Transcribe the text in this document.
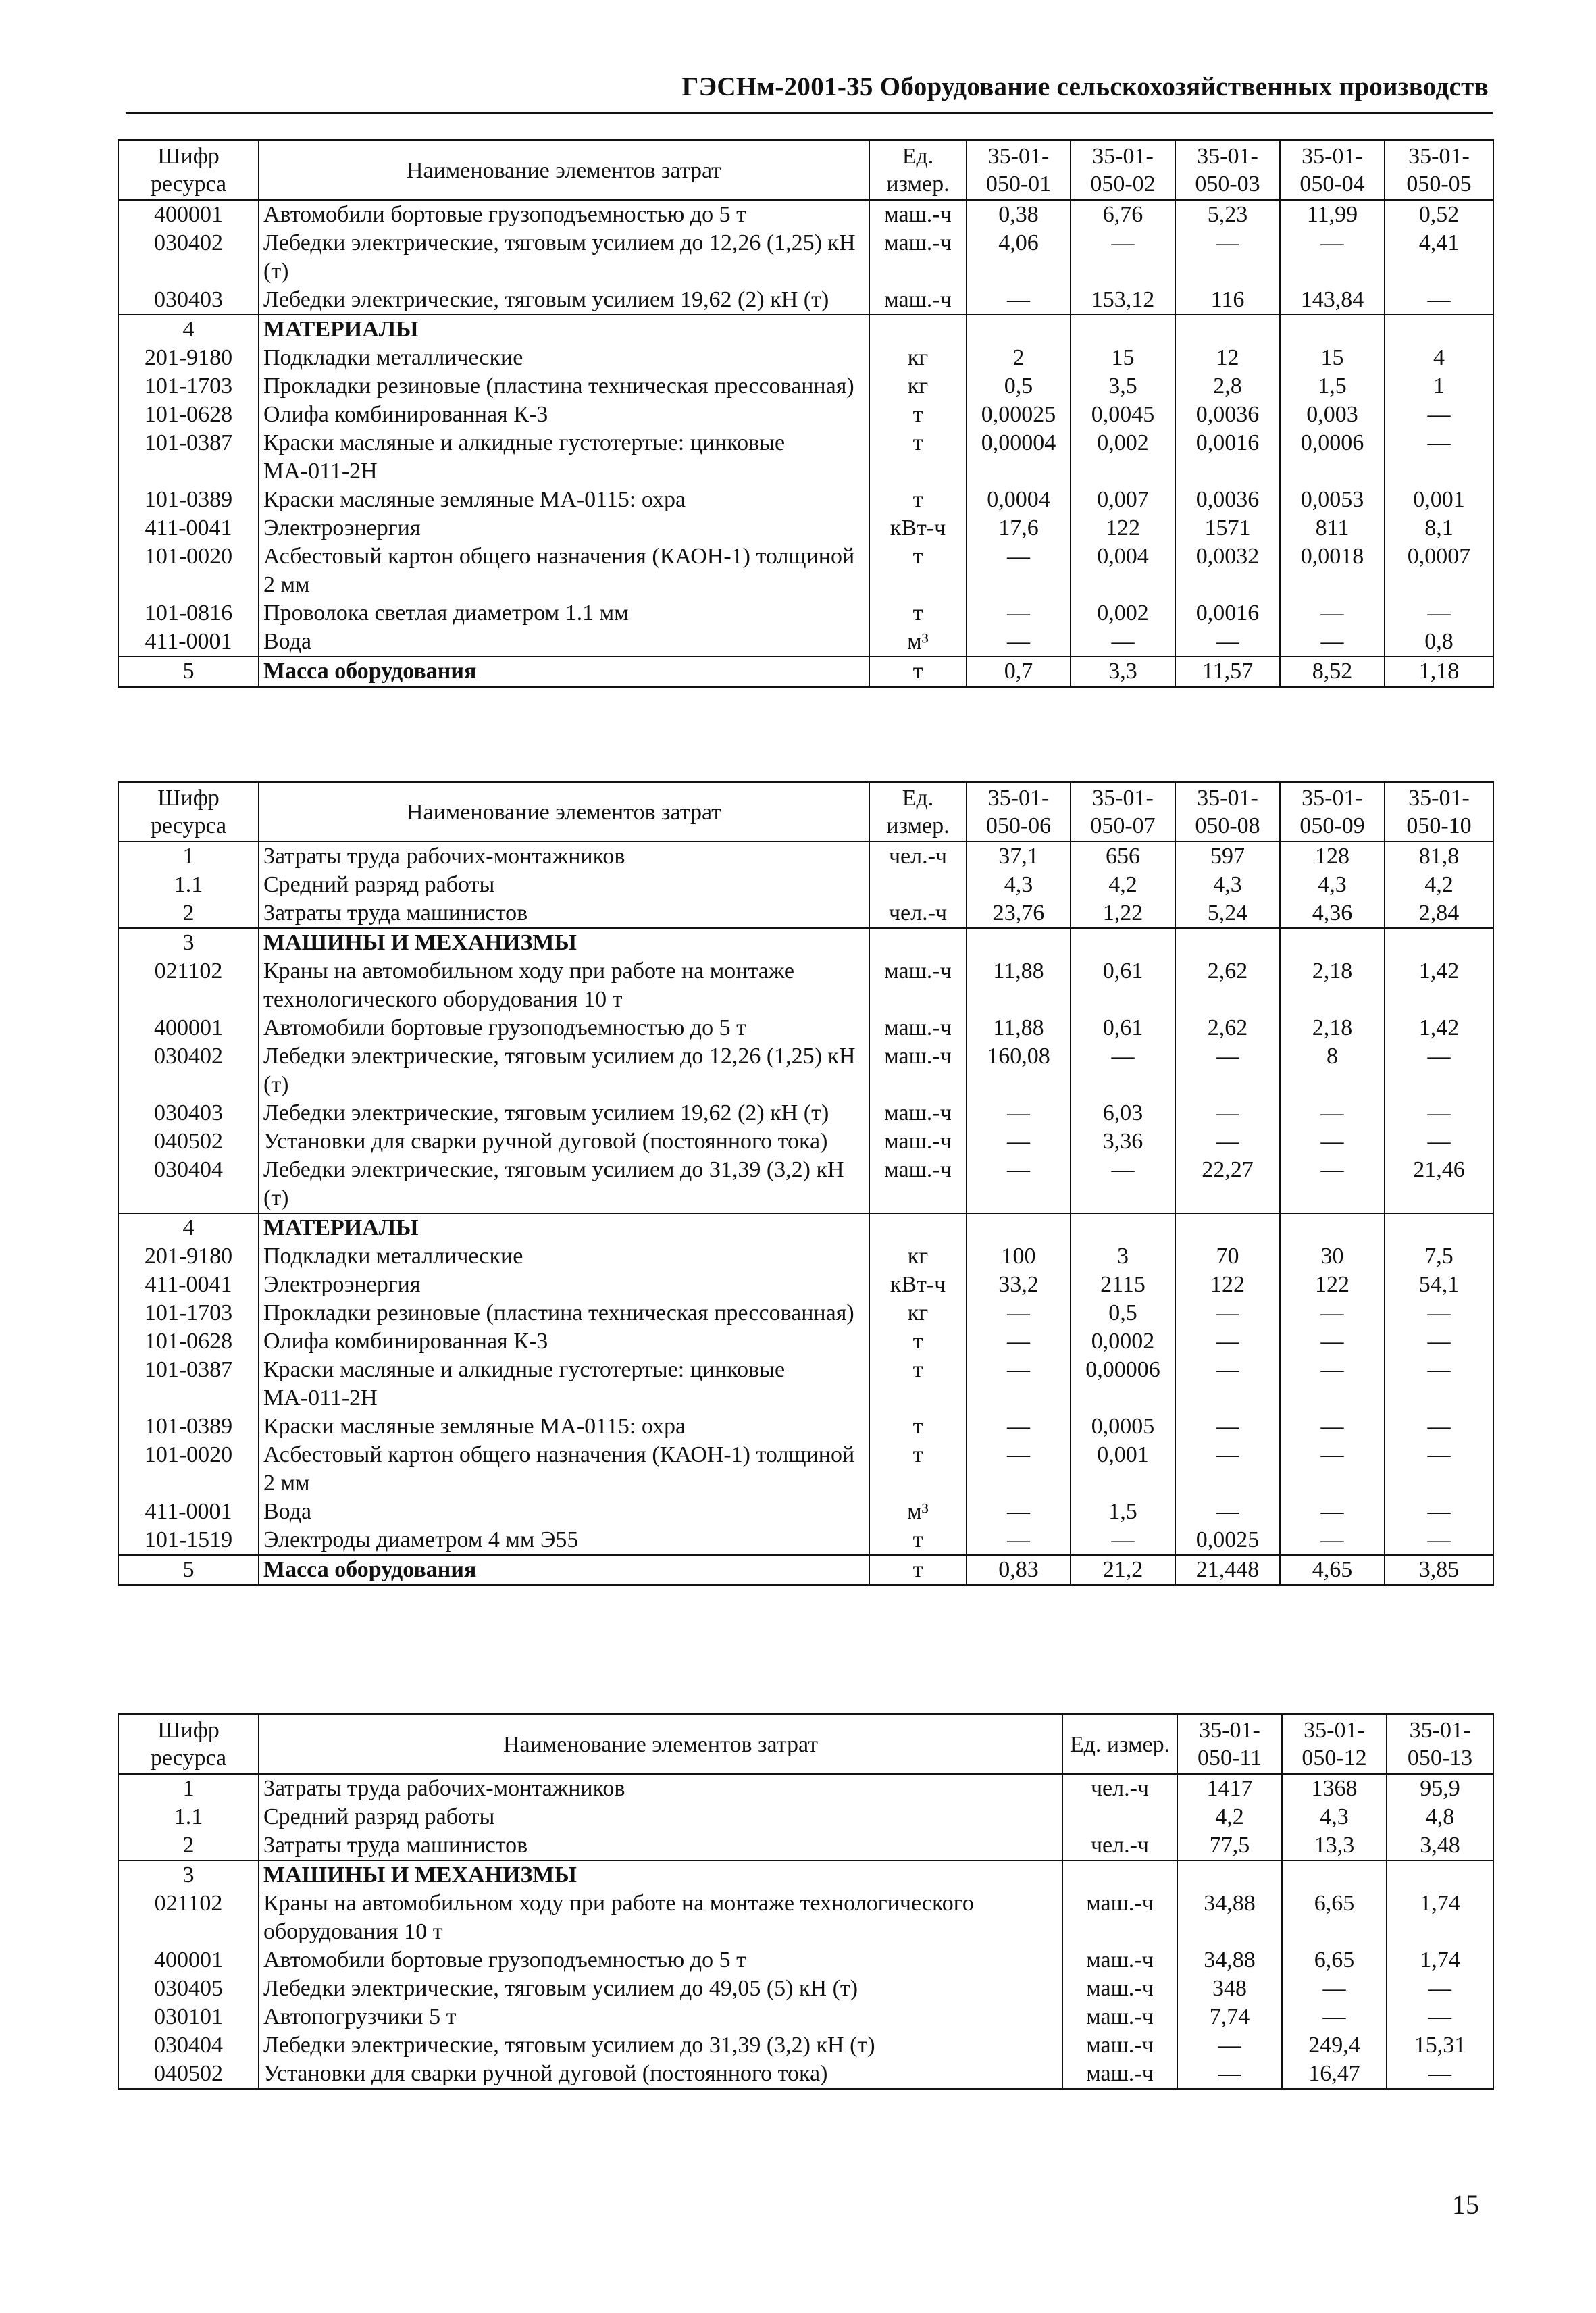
ГЭСНм-2001-35 Оборудование сельскохозяйственных производств
Шифр ресурса	Наименование элементов затрат	Ед. измер.	35-01-050-01	35-01-050-02	35-01-050-03	35-01-050-04	35-01-050-05
400001	Автомобили бортовые грузоподъемностью до 5 т	маш.-ч	0,38	6,76	5,23	11,99	0,52
030402	Лебедки электрические, тяговым усилием до 12,26 (1,25) кН (т)	маш.-ч	4,06	—	—	—	4,41
030403	Лебедки электрические, тяговым усилием 19,62 (2) кН (т)	маш.-ч	—	153,12	116	143,84	—
4	МАТЕРИАЛЫ						
201-9180	Подкладки металлические	кг	2	15	12	15	4
101-1703	Прокладки резиновые (пластина техническая прессованная)	кг	0,5	3,5	2,8	1,5	1
101-0628	Олифа комбинированная К-3	т	0,00025	0,0045	0,0036	0,003	—
101-0387	Краски масляные и алкидные густотертые: цинковые МА-011-2Н	т	0,00004	0,002	0,0016	0,0006	—
101-0389	Краски масляные земляные МА-0115: охра	т	0,0004	0,007	0,0036	0,0053	0,001
411-0041	Электроэнергия	кВт-ч	17,6	122	1571	811	8,1
101-0020	Асбестовый картон общего назначения (КАОН-1) толщиной 2 мм	т	—	0,004	0,0032	0,0018	0,0007
101-0816	Проволока светлая диаметром 1.1 мм	т	—	0,002	0,0016	—	—
411-0001	Вода	м³	—	—	—	—	0,8
5	Масса оборудования	т	0,7	3,3	11,57	8,52	1,18
Шифр ресурса	Наименование элементов затрат	Ед. измер.	35-01-050-06	35-01-050-07	35-01-050-08	35-01-050-09	35-01-050-10
1	Затраты труда рабочих-монтажников	чел.-ч	37,1	656	597	128	81,8
1.1	Средний разряд работы		4,3	4,2	4,3	4,3	4,2
2	Затраты труда машинистов	чел.-ч	23,76	1,22	5,24	4,36	2,84
3	МАШИНЫ И МЕХАНИЗМЫ						
021102	Краны на автомобильном ходу при работе на монтаже технологического оборудования 10 т	маш.-ч	11,88	0,61	2,62	2,18	1,42
400001	Автомобили бортовые грузоподъемностью до 5 т	маш.-ч	11,88	0,61	2,62	2,18	1,42
030402	Лебедки электрические, тяговым усилием до 12,26 (1,25) кН (т)	маш.-ч	160,08	—	—	8	—
030403	Лебедки электрические, тяговым усилием 19,62 (2) кН (т)	маш.-ч	—	6,03	—	—	—
040502	Установки для сварки ручной дуговой (постоянного тока)	маш.-ч	—	3,36	—	—	—
030404	Лебедки электрические, тяговым усилием до 31,39 (3,2) кН (т)	маш.-ч	—	—	22,27	—	21,46
4	МАТЕРИАЛЫ						
201-9180	Подкладки металлические	кг	100	3	70	30	7,5
411-0041	Электроэнергия	кВт-ч	33,2	2115	122	122	54,1
101-1703	Прокладки резиновые (пластина техническая прессованная)	кг	—	0,5	—	—	—
101-0628	Олифа комбинированная К-3	т	—	0,0002	—	—	—
101-0387	Краски масляные и алкидные густотертые: цинковые МА-011-2Н	т	—	0,00006	—	—	—
101-0389	Краски масляные земляные МА-0115: охра	т	—	0,0005	—	—	—
101-0020	Асбестовый картон общего назначения (КАОН-1) толщиной 2 мм	т	—	0,001	—	—	—
411-0001	Вода	м³	—	1,5	—	—	—
101-1519	Электроды диаметром 4 мм Э55	т	—	—	0,0025	—	—
5	Масса оборудования	т	0,83	21,2	21,448	4,65	3,85
Шифр ресурса	Наименование элементов затрат	Ед. измер.	35-01-050-11	35-01-050-12	35-01-050-13
1	Затраты труда рабочих-монтажников	чел.-ч	1417	1368	95,9
1.1	Средний разряд работы		4,2	4,3	4,8
2	Затраты труда машинистов	чел.-ч	77,5	13,3	3,48
3	МАШИНЫ И МЕХАНИЗМЫ				
021102	Краны на автомобильном ходу при работе на монтаже технологического оборудования 10 т	маш.-ч	34,88	6,65	1,74
400001	Автомобили бортовые грузоподъемностью до 5 т	маш.-ч	34,88	6,65	1,74
030405	Лебедки электрические, тяговым усилием до 49,05 (5) кН (т)	маш.-ч	348	—	—
030101	Автопогрузчики 5 т	маш.-ч	7,74	—	—
030404	Лебедки электрические, тяговым усилием до 31,39 (3,2) кН (т)	маш.-ч	—	249,4	15,31
040502	Установки для сварки ручной дуговой (постоянного тока)	маш.-ч	—	16,47	—
15
